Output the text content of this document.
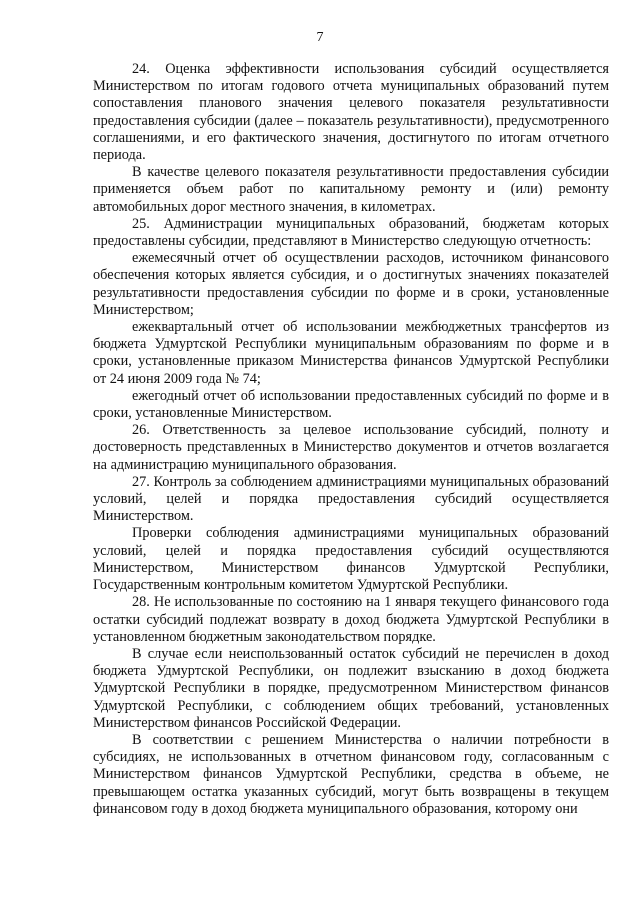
7

24. Оценка эффективности использования субсидий осуществляется Министерством по итогам годового отчета муниципальных образований путем сопоставления планового значения целевого показателя результативности предоставления субсидии (далее – показатель результативности), предусмотренного соглашениями, и его фактического значения, достигнутого по итогам отчетного периода.

В качестве целевого показателя результативности предоставления субсидии применяется объем работ по капитальному ремонту и (или) ремонту автомобильных дорог местного значения, в километрах.

25. Администрации муниципальных образований, бюджетам которых предоставлены субсидии, представляют в Министерство следующую отчетность:

ежемесячный отчет об осуществлении расходов, источником финансового обеспечения которых является субсидия, и о достигнутых значениях показателей результативности предоставления субсидии по форме и в сроки, установленные Министерством;

ежеквартальный отчет об использовании межбюджетных трансфертов из бюджета Удмуртской Республики муниципальным образованиям по форме и в сроки, установленные приказом Министерства финансов Удмуртской Республики от 24 июня 2009 года № 74;

ежегодный отчет об использовании предоставленных субсидий по форме и в сроки, установленные Министерством.

26. Ответственность за целевое использование субсидий, полноту и достоверность представленных в Министерство документов и отчетов возлагается на администрацию муниципального образования.

27. Контроль за соблюдением администрациями муниципальных образований условий, целей и порядка предоставления субсидий осуществляется Министерством.

Проверки соблюдения администрациями муниципальных образований условий, целей и порядка предоставления субсидий осуществляются Министерством, Министерством финансов Удмуртской Республики, Государственным контрольным комитетом Удмуртской Республики.

28. Не использованные по состоянию на 1 января текущего финансового года остатки субсидий подлежат возврату в доход бюджета Удмуртской Республики в установленном бюджетным законодательством порядке.

В случае если неиспользованный остаток субсидий не перечислен в доход бюджета Удмуртской Республики, он подлежит взысканию в доход бюджета Удмуртской Республики в порядке, предусмотренном Министерством финансов Удмуртской Республики, с соблюдением общих требований, установленных Министерством финансов Российской Федерации.

В соответствии с решением Министерства о наличии потребности в субсидиях, не использованных в отчетном финансовом году, согласованным с Министерством финансов Удмуртской Республики, средства в объеме, не превышающем остатка указанных субсидий, могут быть возвращены в текущем финансовом году в доход бюджета муниципального образования, которому они
